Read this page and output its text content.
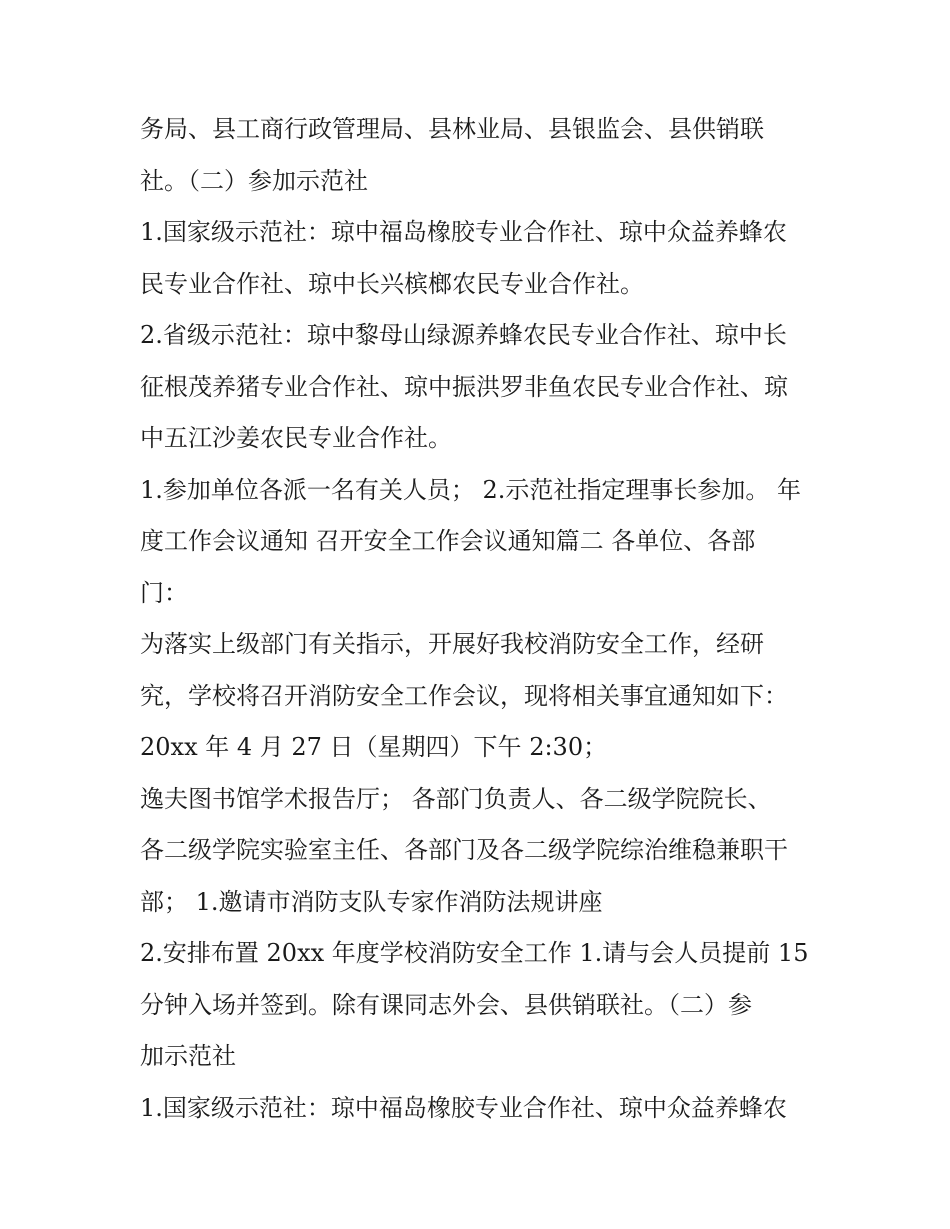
务局、县工商行政管理局、县林业局、县银监会、县供销联
社。（二）参加示范社
1.国家级示范社：琼中福岛橡胶专业合作社、琼中众益养蜂农
民专业合作社、琼中长兴槟榔农民专业合作社。
2.省级示范社：琼中黎母山绿源养蜂农民专业合作社、琼中长
征根茂养猪专业合作社、琼中振洪罗非鱼农民专业合作社、琼
中五江沙姜农民专业合作社。
1.参加单位各派一名有关人员； 2.示范社指定理事长参加。 年
度工作会议通知 召开安全工作会议通知篇二 各单位、各部
门：
为落实上级部门有关指示，开展好我校消防安全工作，经研
究，学校将召开消防安全工作会议，现将相关事宜通知如下：
20xx 年 4 月 27 日（星期四）下午 2:30；
逸夫图书馆学术报告厅； 各部门负责人、各二级学院院长、
各二级学院实验室主任、各部门及各二级学院综治维稳兼职干
部； 1.邀请市消防支队专家作消防法规讲座
2.安排布置 20xx 年度学校消防安全工作 1.请与会人员提前 15
分钟入场并签到。除有课同志外会、县供销联社。（二）参
加示范社
1.国家级示范社：琼中福岛橡胶专业合作社、琼中众益养蜂农
